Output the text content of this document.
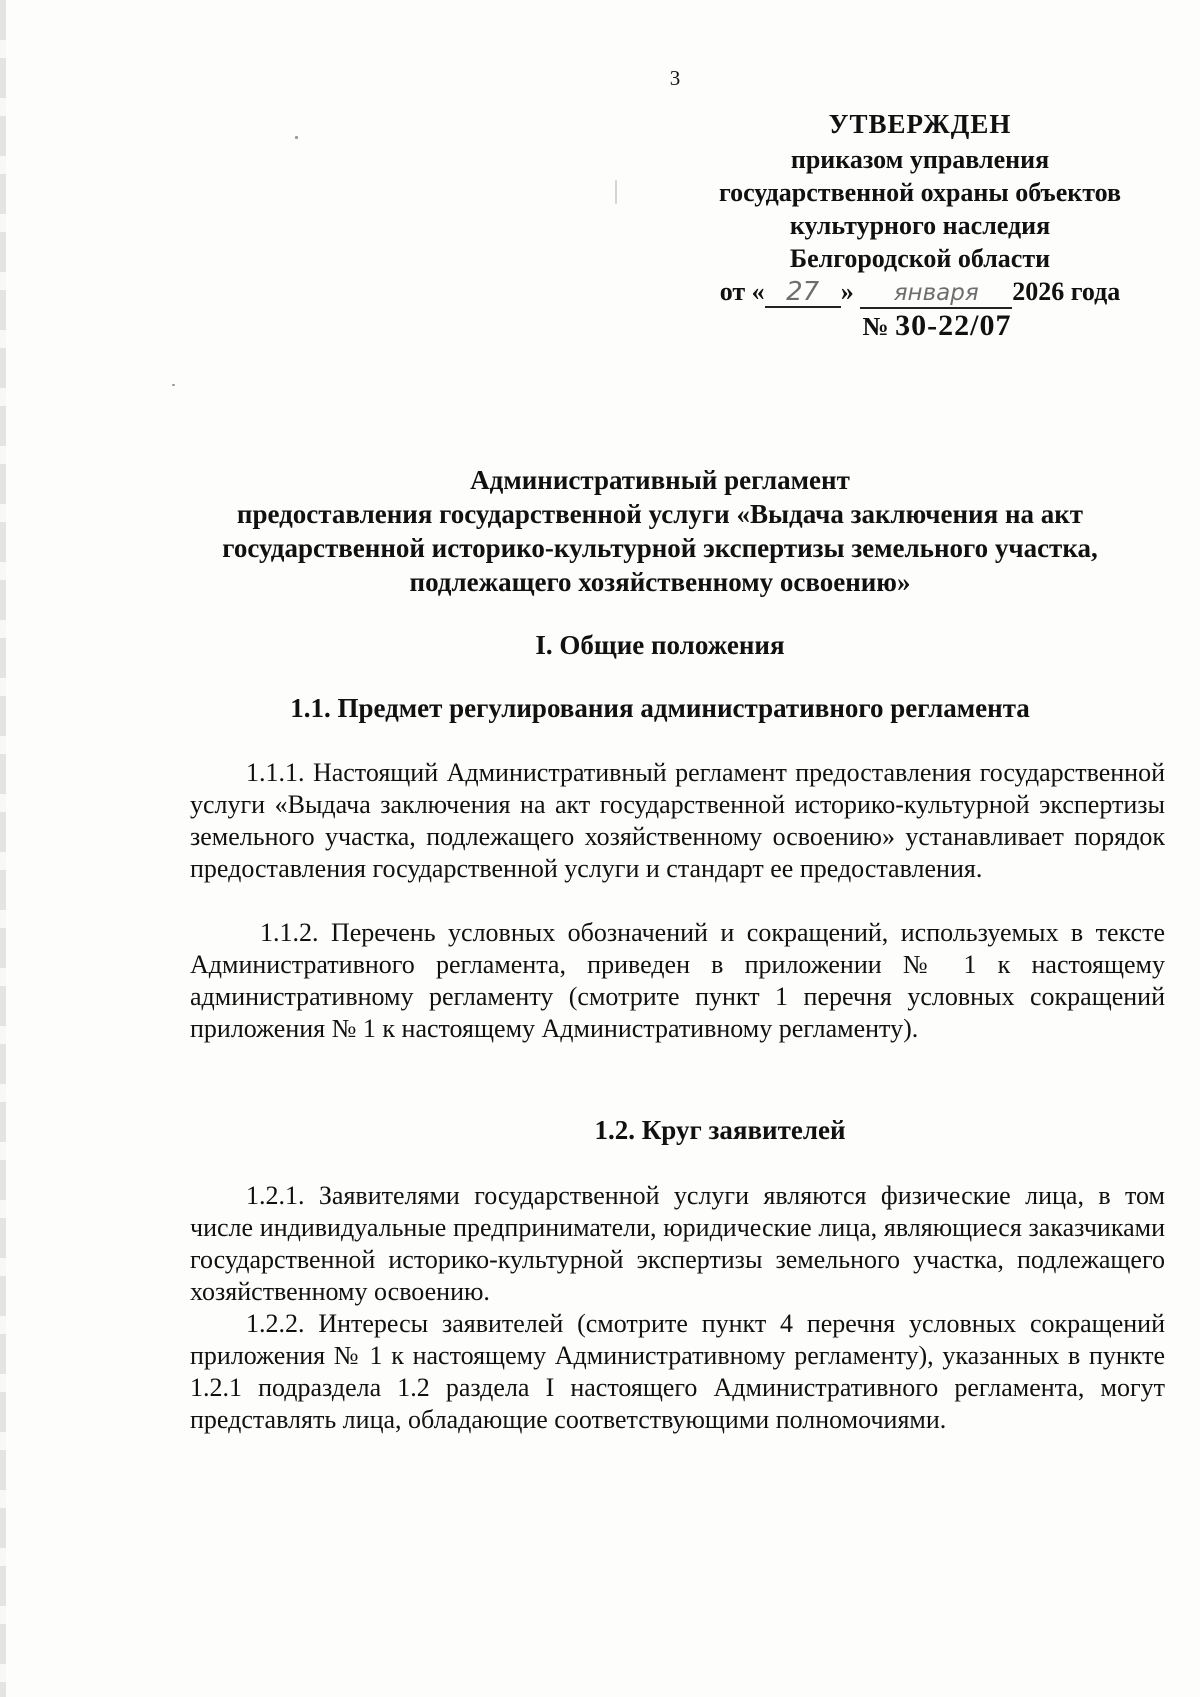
3
УТВЕРЖДЕН
приказом управления
государственной охраны объектов
культурного наследия
Белгородской области
от « 27 » января 2026 года
№ 30-22/07
Административный регламент
предоставления государственной услуги «Выдача заключения на акт
государственной историко-культурной экспертизы земельного участка,
подлежащего хозяйственному освоению»
I. Общие положения
1.1. Предмет регулирования административного регламента

1.1.1. Настоящий Административный регламент предоставления государственной услуги «Выдача заключения на акт государственной историко-культурной экспертизы земельного участка, подлежащего хозяйственному освоению» устанавливает порядок предоставления государственной услуги и стандарт ее предоставления.

1.1.2. Перечень условных обозначений и сокращений, используемых в тексте Административного регламента, приведен в приложении № 1 к настоящему административному регламенту (смотрите пункт 1 перечня условных сокращений приложения № 1 к настоящему Административному регламенту).

1.2. Круг заявителей

1.2.1. Заявителями государственной услуги являются физические лица, в том числе индивидуальные предприниматели, юридические лица, являющиеся заказчиками государственной историко-культурной экспертизы земельного участка, подлежащего хозяйственному освоению.

1.2.2. Интересы заявителей (смотрите пункт 4 перечня условных сокращений приложения № 1 к настоящему Административному регламенту), указанных в пункте 1.2.1 подраздела 1.2 раздела I настоящего Административного регламента, могут представлять лица, обладающие соответствующими полномочиями.
